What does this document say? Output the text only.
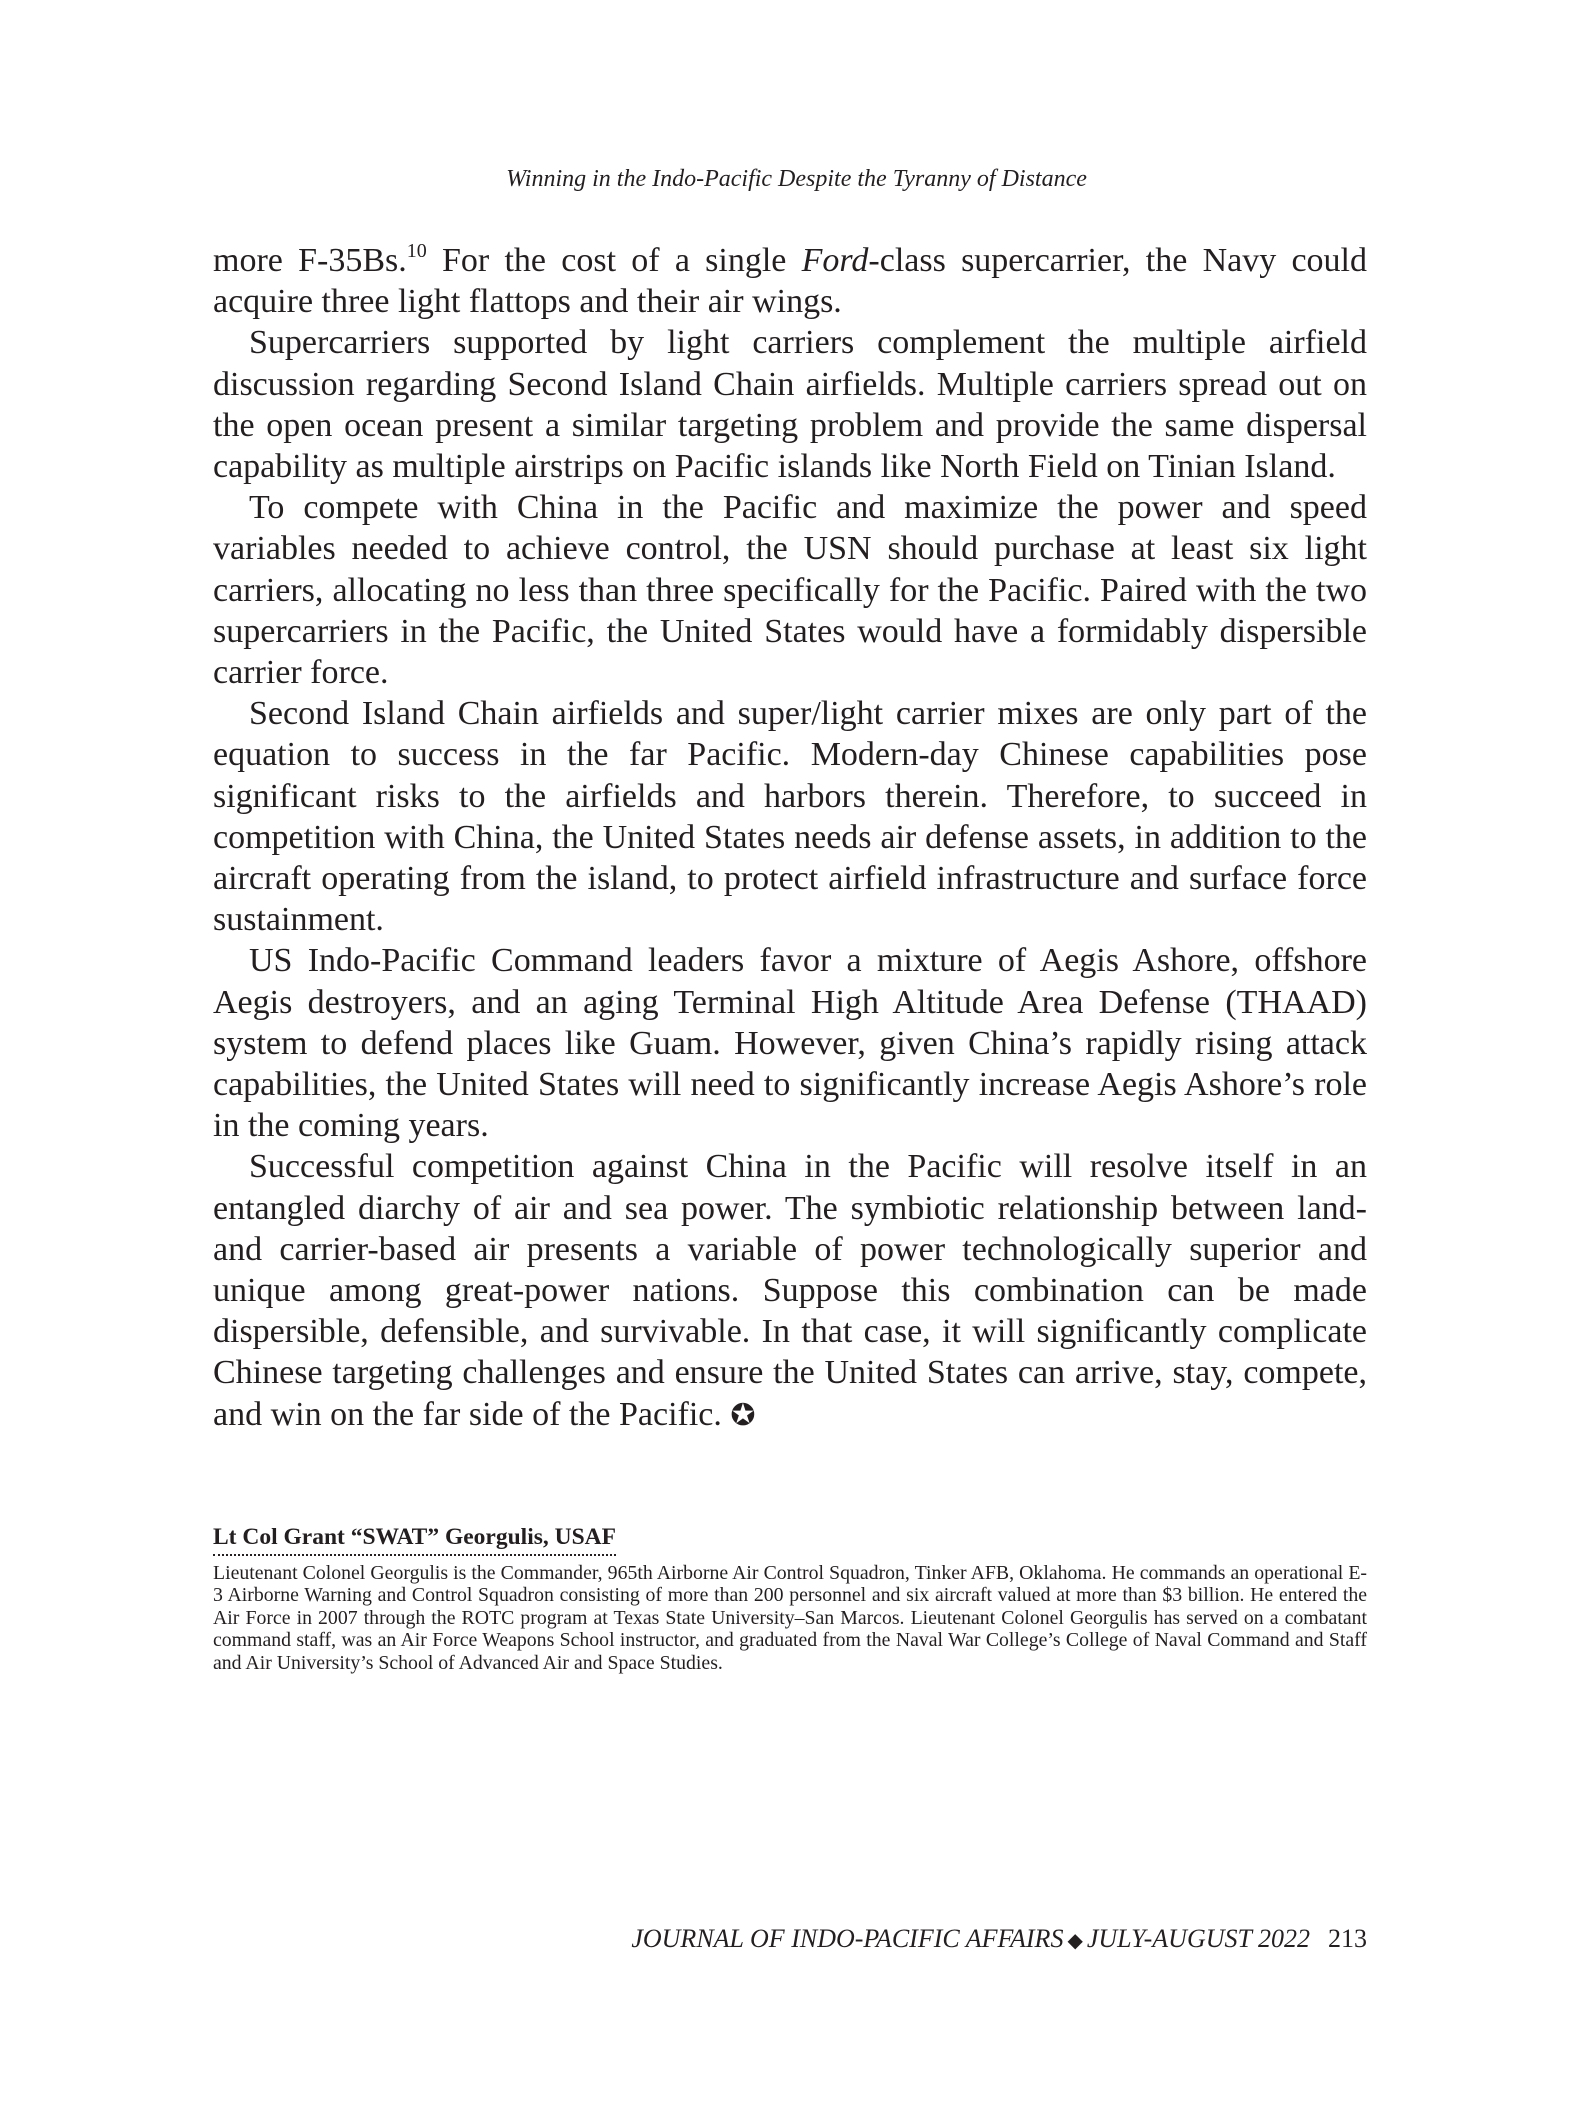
Winning in the Indo-Pacific Despite the Tyranny of Distance

more F-35Bs.$^{10}$ For the cost of a single Ford-class supercarrier, the Navy could acquire three light flattops and their air wings.

Supercarriers supported by light carriers complement the multiple airfield discussion regarding Second Island Chain airfields. Multiple carriers spread out on the open ocean present a similar targeting problem and provide the same dispersal capability as multiple airstrips on Pacific islands like North Field on Tinian Island.

To compete with China in the Pacific and maximize the power and speed variables needed to achieve control, the USN should purchase at least six light carriers, allocating no less than three specifically for the Pacific. Paired with the two supercarriers in the Pacific, the United States would have a formidably dispersible carrier force.

Second Island Chain airfields and super/light carrier mixes are only part of the equation to success in the far Pacific. Modern-day Chinese capabilities pose significant risks to the airfields and harbors therein. Therefore, to succeed in competition with China, the United States needs air defense assets, in addition to the aircraft operating from the island, to protect airfield infrastructure and surface force sustainment.

US Indo-Pacific Command leaders favor a mixture of Aegis Ashore, offshore Aegis destroyers, and an aging Terminal High Altitude Area Defense (THAAD) system to defend places like Guam. However, given China’s rapidly rising attack capabilities, the United States will need to significantly increase Aegis Ashore’s role in the coming years.

Successful competition against China in the Pacific will resolve itself in an entangled diarchy of air and sea power. The symbiotic relationship between land- and carrier-based air presents a variable of power technologically superior and unique among great-power nations. Suppose this combination can be made dispersible, defensible, and survivable. In that case, it will significantly complicate Chinese targeting challenges and ensure the United States can arrive, stay, compete, and win on the far side of the Pacific. ✪

Lt Col Grant “SWAT” Georgulis, USAF

Lieutenant Colonel Georgulis is the Commander, 965th Airborne Air Control Squadron, Tinker AFB, Oklahoma. He commands an operational E-3 Airborne Warning and Control Squadron consisting of more than 200 personnel and six aircraft valued at more than $3 billion. He entered the Air Force in 2007 through the ROTC program at Texas State University–San Marcos. Lieutenant Colonel Georgulis has served on a combatant command staff, was an Air Force Weapons School instructor, and graduated from the Naval War College’s College of Naval Command and Staff and Air University’s School of Advanced Air and Space Studies.

JOURNAL OF INDO-PACIFIC AFFAIRS ◆ JULY-AUGUST 2022 213
